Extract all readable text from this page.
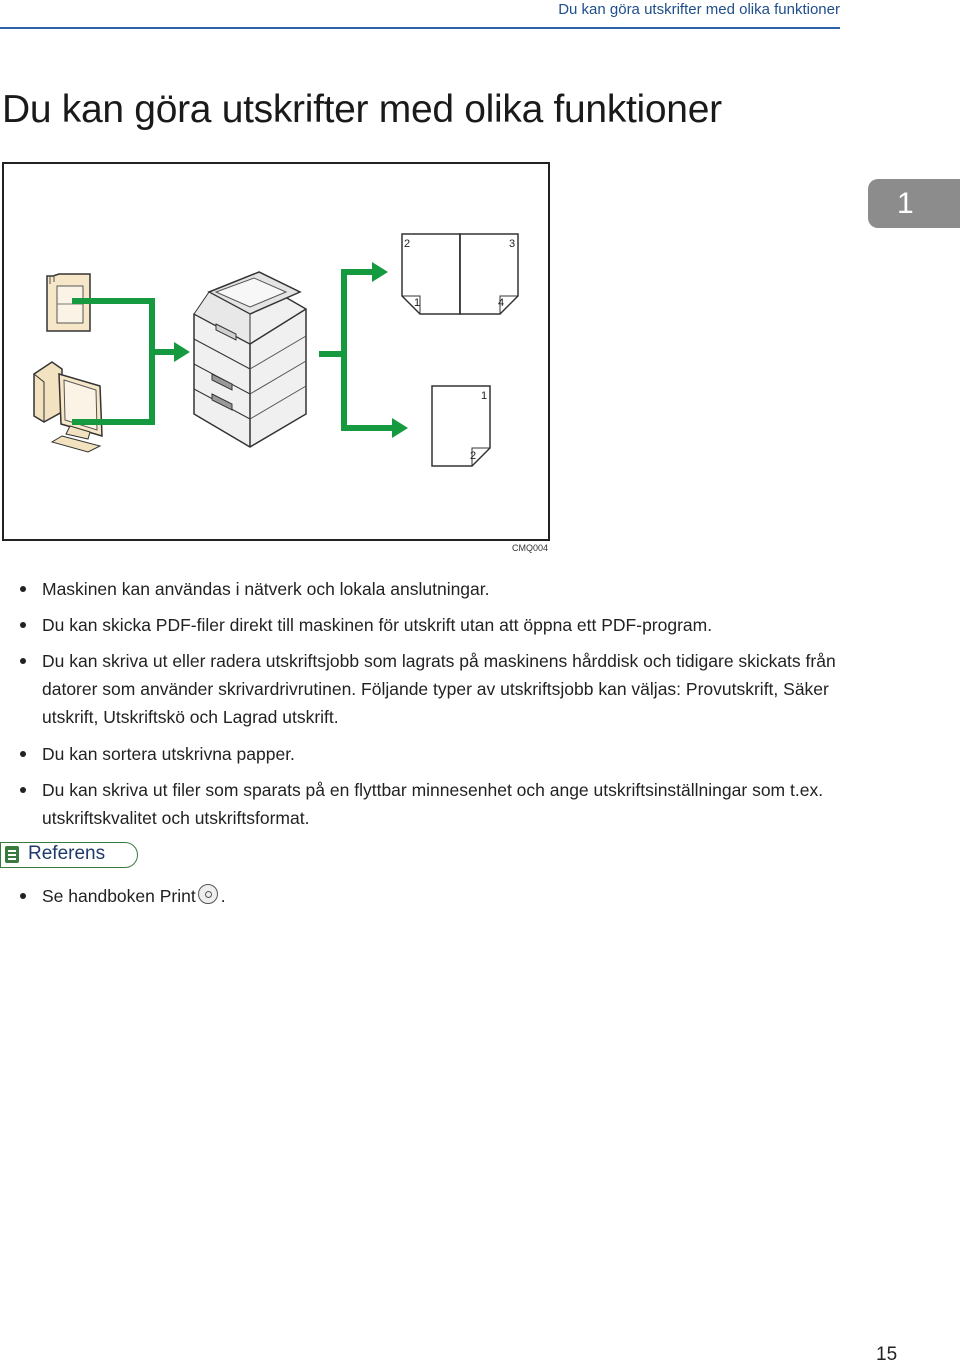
Du kan göra utskrifter med olika funktioner
Du kan göra utskrifter med olika funktioner
1
2	3
1	4
1
2
CMQ004
Maskinen kan användas i nätverk och lokala anslutningar.
Du kan skicka PDF-filer direkt till maskinen för utskrift utan att öppna ett PDF-program.
Du kan skriva ut eller radera utskriftsjobb som lagrats på maskinens hårddisk och tidigare skickats från datorer som använder skrivardrivrutinen. Följande typer av utskriftsjobb kan väljas: Provutskrift, Säker utskrift, Utskriftskö och Lagrad utskrift.
Du kan sortera utskrivna papper.
Du kan skriva ut filer som sparats på en flyttbar minnesenhet och ange utskriftsinställningar som t.ex. utskriftskvalitet och utskriftsformat.
Referens
Se handboken Print .
15
